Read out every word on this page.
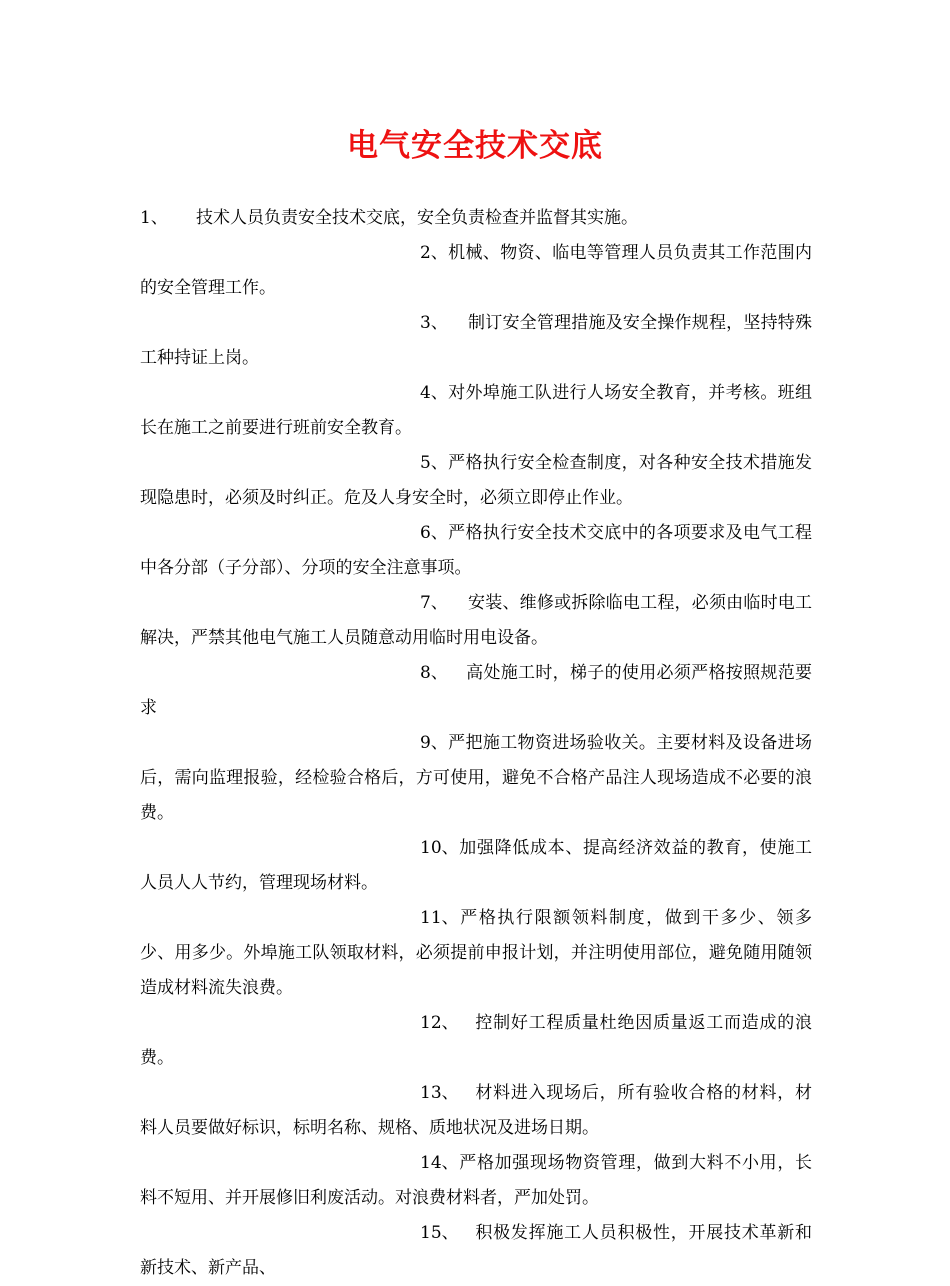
电气安全技术交底

1、 技术人员负责安全技术交底，安全负责检查并监督其实施。

2、机械、物资、临电等管理人员负责其工作范围内的安全管理工作。

3、 制订安全管理措施及安全操作规程，坚持特殊工种持证上岗。

4、对外埠施工队进行人场安全教育，并考核。班组长在施工之前要进行班前安全教育。

5、严格执行安全检查制度，对各种安全技术措施发现隐患时，必须及时纠正。危及人身安全时，必须立即停止作业。

6、严格执行安全技术交底中的各项要求及电气工程中各分部（子分部）、分项的安全注意事项。

7、 安装、维修或拆除临电工程，必须由临时电工解决，严禁其他电气施工人员随意动用临时用电设备。

8、 高处施工时，梯子的使用必须严格按照规范要求

9、严把施工物资进场验收关。主要材料及设备进场后，需向监理报验，经检验合格后，方可使用，避免不合格产品注人现场造成不必要的浪费。

10、加强降低成本、提高经济效益的教育，使施工人员人人节约，管理现场材料。

11、严格执行限额领料制度，做到干多少、领多少、用多少。外埠施工队领取材料，必须提前申报计划，并注明使用部位，避免随用随领造成材料流失浪费。

12、 控制好工程质量杜绝因质量返工而造成的浪费。

13、 材料进入现场后，所有验收合格的材料，材料人员要做好标识，标明名称、规格、质地状况及进场日期。

14、严格加强现场物资管理，做到大料不小用，长料不短用、并开展修旧利废活动。对浪费材料者，严加处罚。

15、 积极发挥施工人员积极性，开展技术革新和新技术、新产品、
